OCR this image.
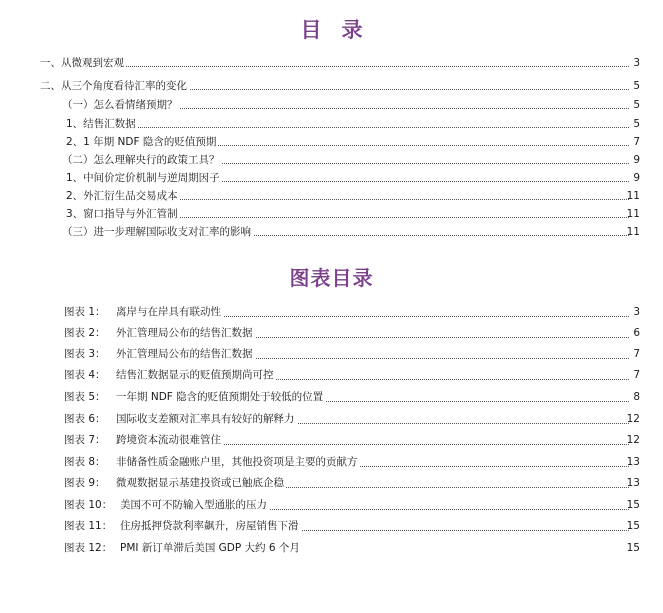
目录
一、从微观到宏观	3
二、从三个角度看待汇率的变化	5
（一）怎么看情绪预期？	5
1、结售汇数据	5
2、1 年期 NDF 隐含的贬值预期	7
（二）怎么理解央行的政策工具？	9
1、中间价定价机制与逆周期因子	9
2、外汇衍生品交易成本	11
3、窗口指导与外汇管制	11
（三）进一步理解国际收支对汇率的影响	11
图表目录
图表 1： 离岸与在岸具有联动性	3
图表 2： 外汇管理局公布的结售汇数据	6
图表 3： 外汇管理局公布的结售汇数据	7
图表 4： 结售汇数据显示的贬值预期尚可控	7
图表 5： 一年期 NDF 隐含的贬值预期处于较低的位置	8
图表 6： 国际收支差额对汇率具有较好的解释力	12
图表 7： 跨境资本流动很难管住	12
图表 8： 非储备性质金融账户里，其他投资项是主要的贡献方	13
图表 9： 微观数据显示基建投资或已触底企稳	13
图表 10： 美国不可不防输入型通胀的压力	15
图表 11： 住房抵押贷款利率飙升，房屋销售下滑	15
图表 12： PMI 新订单滞后美国 GDP 大约 6 个月	15
